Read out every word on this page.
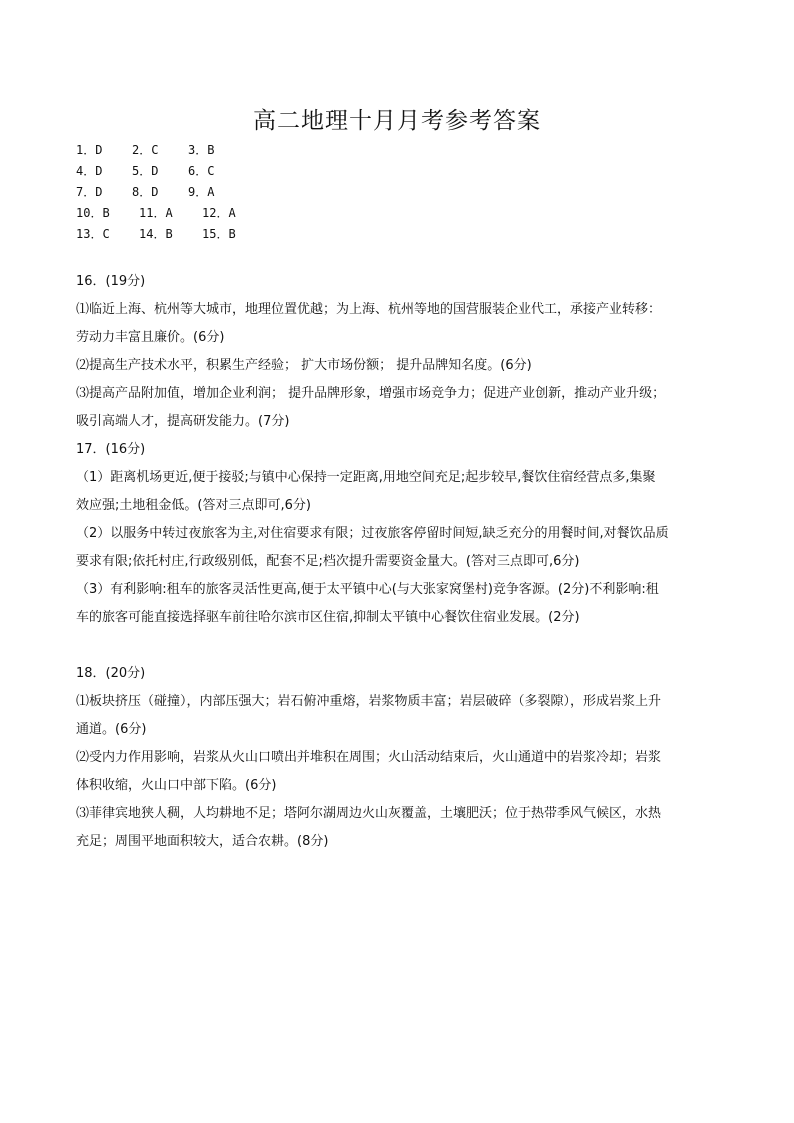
高二地理十月月考参考答案
1．D 2．C 3．B
4．D 5．D 6．C
7．D 8．D 9．A
10．B 11．A 12．A
13．C 14．B 15．B
16．(19分)
⑴临近上海、杭州等大城市，地理位置优越；为上海、杭州等地的国营服装企业代工，承接产业转移：
劳动力丰富且廉价。(6分)
⑵提高生产技术水平，积累生产经验； 扩大市场份额； 提升品牌知名度。(6分)
⑶提高产品附加值，增加企业利润； 提升品牌形象，增强市场竞争力；促进产业创新，推动产业升级；
吸引高端人才，提高研发能力。(7分)
17．(16分)
（1）距离机场更近,便于接驳;与镇中心保持一定距离,用地空间充足;起步较早,餐饮住宿经营点多,集聚
效应强;土地租金低。(答对三点即可,6分)
（2）以服务中转过夜旅客为主,对住宿要求有限；过夜旅客停留时间短,缺乏充分的用餐时间,对餐饮品质
要求有限;依托村庄,行政级别低，配套不足;档次提升需要资金量大。(答对三点即可,6分)
（3）有利影响:租车的旅客灵活性更高,便于太平镇中心(与大张家窝堡村)竞争客源。(2分)不利影响:租
车的旅客可能直接选择驱车前往哈尔滨市区住宿,抑制太平镇中心餐饮住宿业发展。(2分)
18．(20分)
⑴板块挤压（碰撞），内部压强大；岩石俯冲重熔，岩浆物质丰富；岩层破碎（多裂隙），形成岩浆上升
通道。(6分)
⑵受内力作用影响，岩浆从火山口喷出并堆积在周围；火山活动结束后，火山通道中的岩浆冷却；岩浆
体积收缩，火山口中部下陷。(6分)
⑶菲律宾地狭人稠，人均耕地不足；塔阿尔湖周边火山灰覆盖，土壤肥沃；位于热带季风气候区，水热
充足；周围平地面积较大，适合农耕。(8分)
